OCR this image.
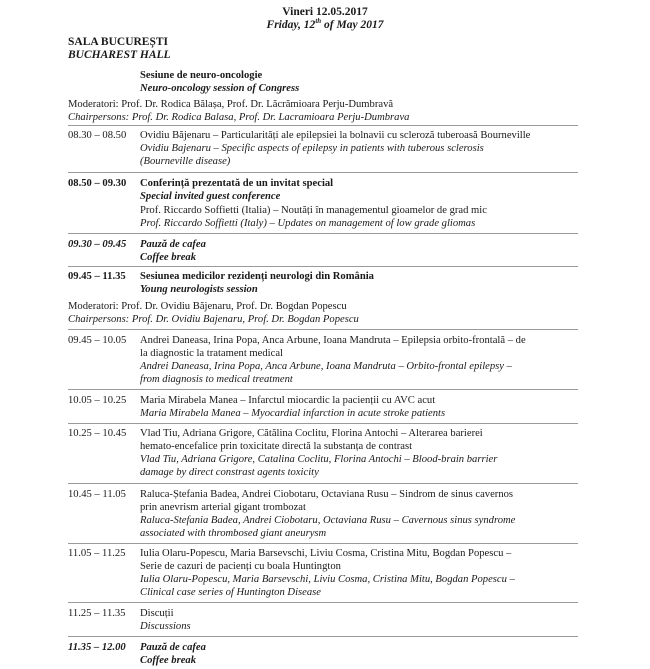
Vineri 12.05.2017
Friday, 12th of May 2017
SALA BUCUREȘTI
BUCHAREST HALL
Sesiune de neuro-oncologie
Neuro-oncology session of Congress
Moderatori: Prof. Dr. Rodica Bălașa, Prof. Dr. Lăcrămioara Perju-Dumbravă
Chairpersons: Prof. Dr. Rodica Balasa, Prof. Dr. Lacramioara Perju-Dumbrava
08.30 – 08.50 Ovidiu Băjenaru – Particularități ale epilepsiei la bolnavii cu scleroză tuberoasă Bourneville
Ovidiu Bajenaru – Specific aspects of epilepsy in patients with tuberous sclerosis
(Bourneville disease)
08.50 – 09.30 Conferință prezentată de un invitat special
Special invited guest conference
Prof. Riccardo Soffietti (Italia) – Noutăți în managementul gioamelor de grad mic
Prof. Riccardo Soffietti (Italy) – Updates on management of low grade gliomas
09.30 – 09.45 Pauză de cafea
Coffee break
09.45 – 11.35 Sesiunea medicilor rezidenți neurologi din România
Young neurologists session
Moderatori: Prof. Dr. Ovidiu Băjenaru, Prof. Dr. Bogdan Popescu
Chairpersons: Prof. Dr. Ovidiu Bajenaru, Prof. Dr. Bogdan Popescu
09.45 – 10.05 Andrei Daneasa, Irina Popa, Anca Arbune, Ioana Mandruta – Epilepsia orbito-frontală – de
la diagnostic la tratament medical
Andrei Daneasa, Irina Popa, Anca Arbune, Ioana Mandruta – Orbito-frontal epilepsy –
from diagnosis to medical treatment
10.05 – 10.25 Maria Mirabela Manea – Infarctul miocardic la pacienții cu AVC acut
Maria Mirabela Manea – Myocardial infarction in acute stroke patients
10.25 – 10.45 Vlad Tiu, Adriana Grigore, Cătălina Coclitu, Florina Antochi – Alterarea barierei
hemato-encefalice prin toxicitate directă la substanța de contrast
Vlad Tiu, Adriana Grigore, Catalina Coclitu, Florina Antochi – Blood-brain barrier
damage by direct constrast agents toxicity
10.45 – 11.05 Raluca-Ștefania Badea, Andrei Ciobotaru, Octaviana Rusu – Sindrom de sinus cavernos
prin anevrism arterial gigant trombozat
Raluca-Stefania Badea, Andrei Ciobotaru, Octaviana Rusu – Cavernous sinus syndrome
associated with thrombosed giant aneurysm
11.05 – 11.25 Iulia Olaru-Popescu, Maria Barsevschi, Liviu Cosma, Cristina Mitu, Bogdan Popescu –
Serie de cazuri de pacienți cu boala Huntington
Iulia Olaru-Popescu, Maria Barsevschi, Liviu Cosma, Cristina Mitu, Bogdan Popescu –
Clinical case series of Huntington Disease
11.25 – 11.35 Discuții
Discussions
11.35 – 12.00 Pauză de cafea
Coffee break
